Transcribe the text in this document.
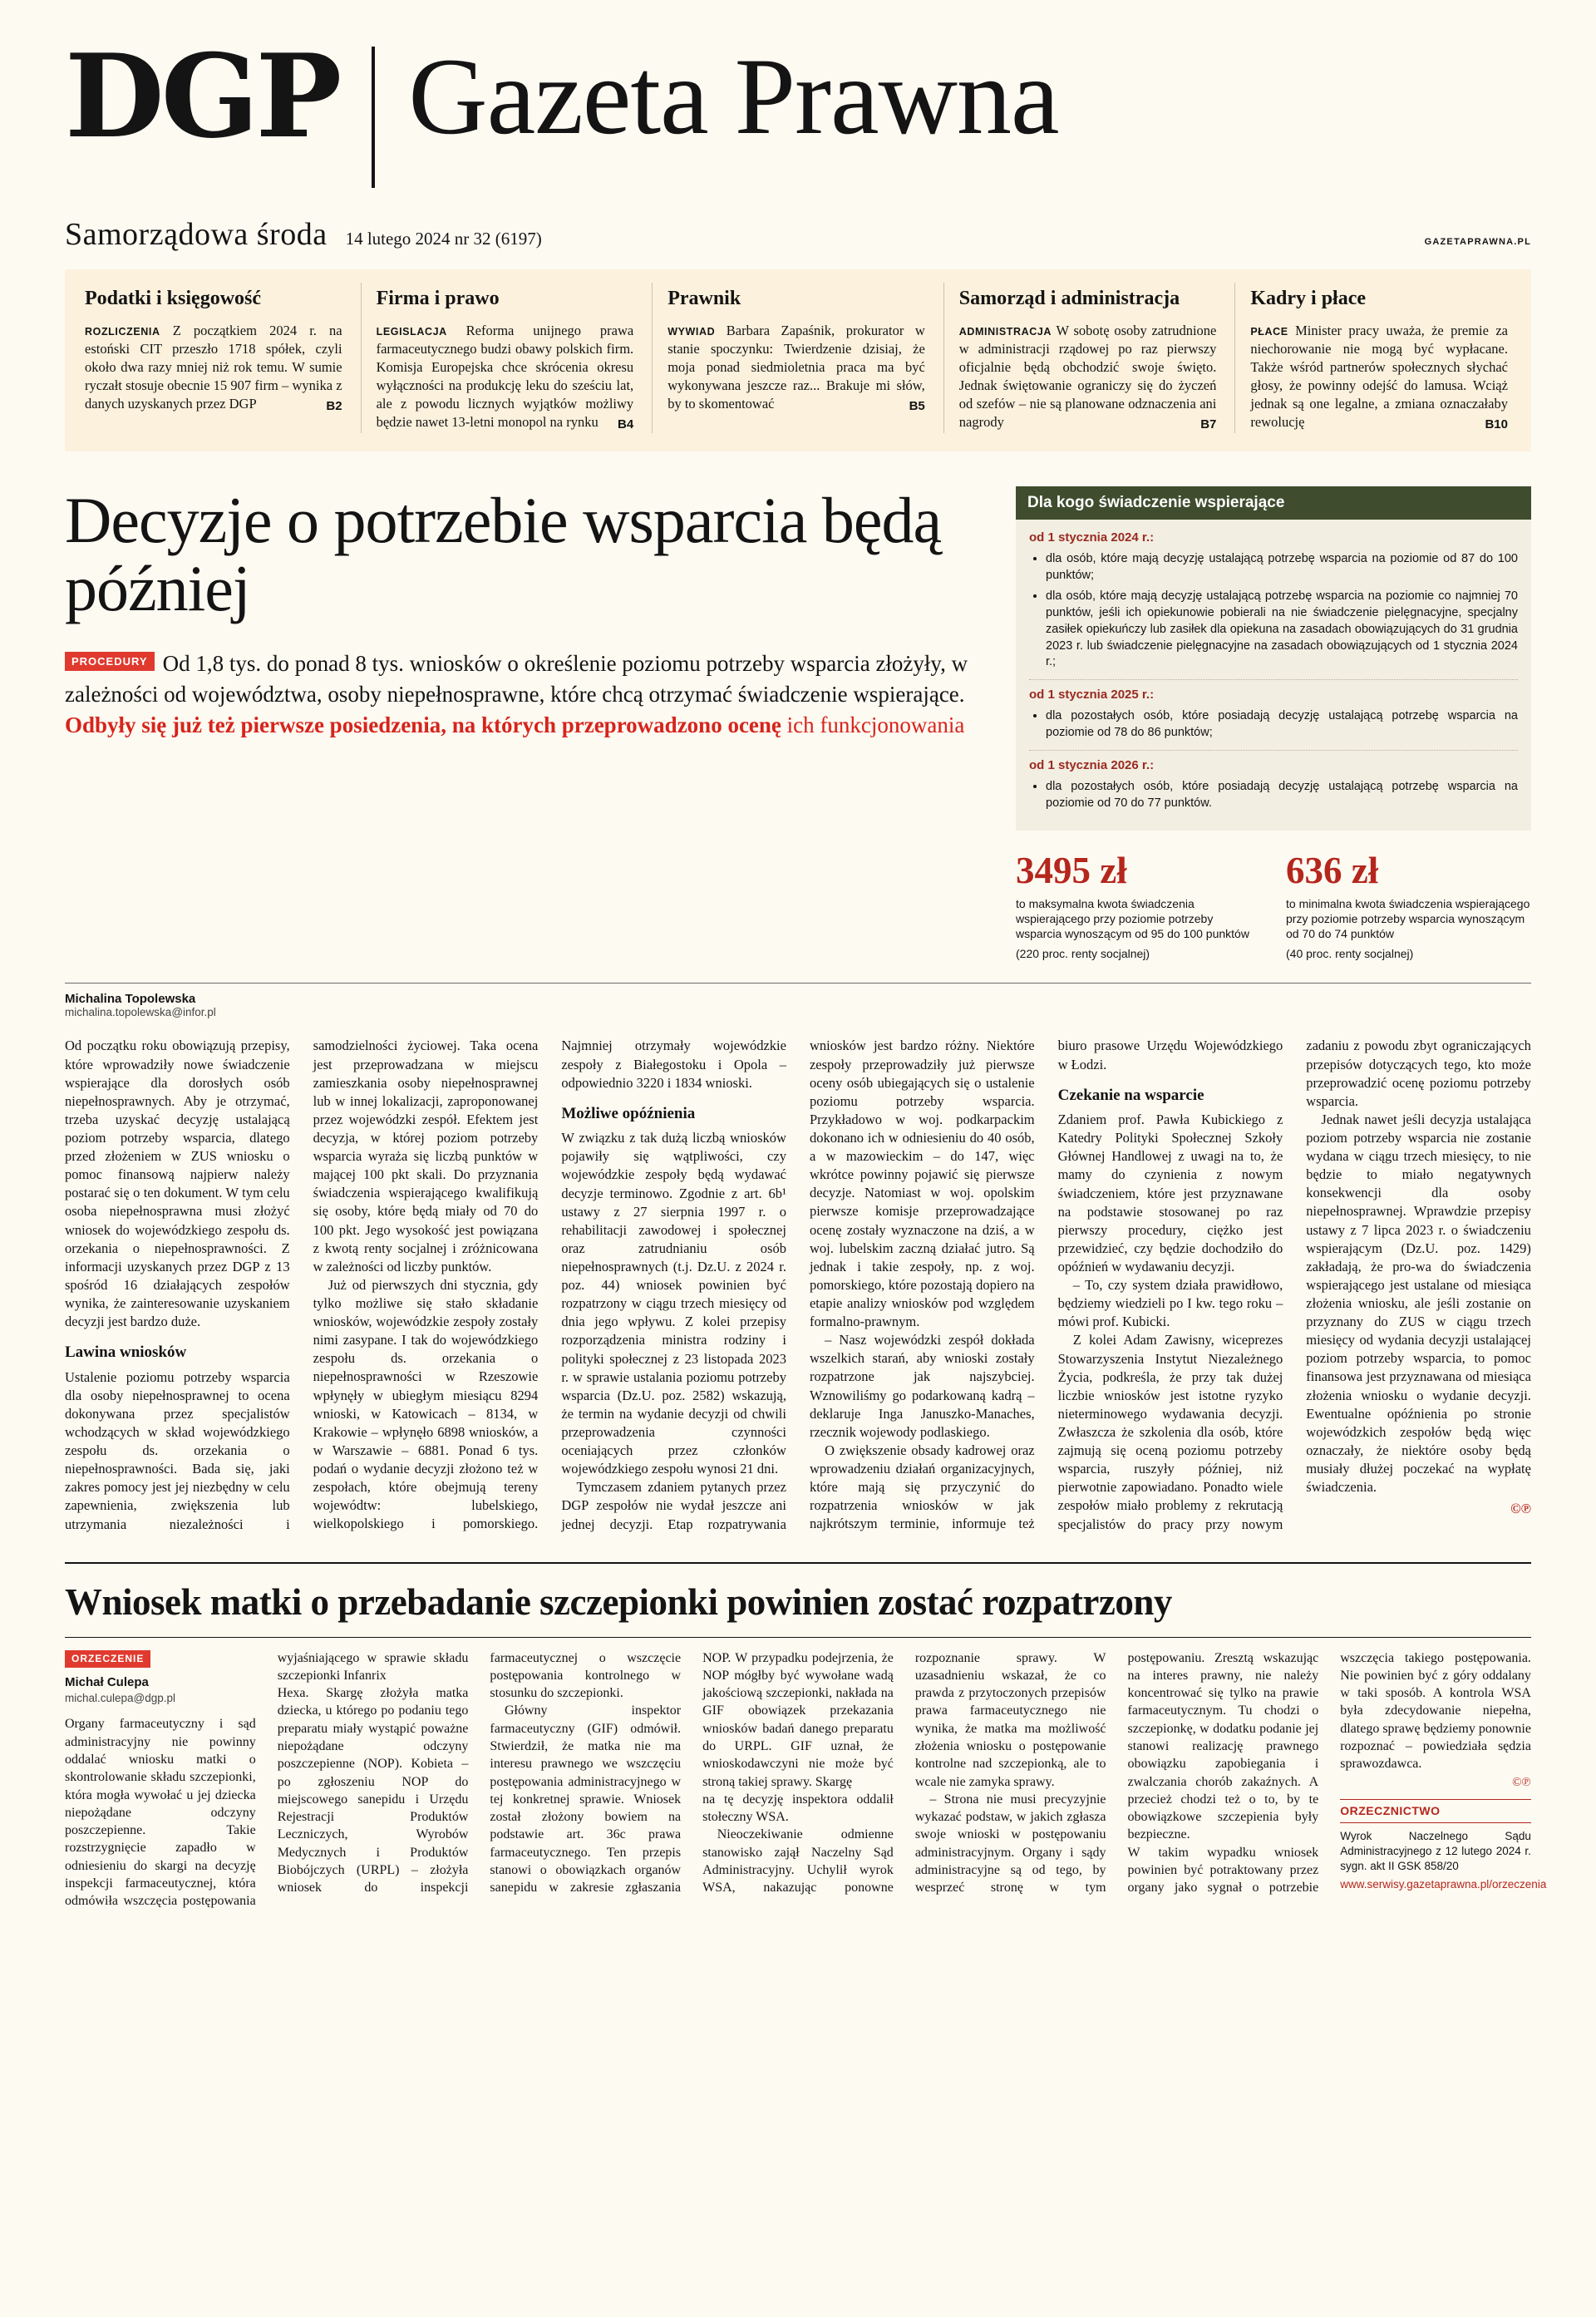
DGP Gazeta Prawna
Samorządowa środa 14 lutego 2024 nr 32 (6197)	GAZETAPRAWNA.PL
Podatki i księgowość

ROZLICZENIA Z początkiem 2024 r. na estoński CIT przeszło 1718 spółek, czyli około dwa razy mniej niż rok temu. W sumie ryczałt stosuje obecnie 15 907 firm – wynika z danych uzyskanych przez DGP	B2

Firma i prawo

LEGISLACJA Reforma unijnego prawa farmaceutycznego budzi obawy polskich firm. Komisja Europejska chce skrócenia okresu wyłączności na produkcję leku do sześciu lat, ale z powodu licznych wyjątków możliwy będzie nawet 13-letni monopol na rynku B4

Prawnik

WYWIAD Barbara Zapaśnik, prokurator w stanie spoczynku: Twierdzenie dzisiaj, że moja ponad siedmioletnia praca ma być wykonywana jeszcze raz... Brakuje mi słów, by to skomentować	B5

Samorząd i administracja

ADMINISTRACJA W sobotę osoby zatrudnione w administracji rządowej po raz pierwszy oficjalnie będą obchodzić swoje święto. Jednak świętowanie ograniczy się do życzeń od szefów – nie są planowane odznaczenia ani nagrody	B7

Kadry i płace

PŁACE Minister pracy uważa, że premie za niechorowanie nie mogą być wypłacane. Także wśród partnerów społecznych słychać głosy, że powinny odejść do lamusa. Wciąż jednak są one legalne, a zmiana oznaczałaby rewolucję	B10

Decyzje o potrzebie wsparcia będą później
PROCEDURY Od 1,8 tys. do ponad 8 tys. wniosków o określenie poziomu potrzeby wsparcia złożyły, w zależności od województwa, osoby niepełnosprawne, które chcą otrzymać świadczenie wspierające. Odbyły się już też pierwsze posiedzenia, na których przeprowadzono ocenę ich funkcjonowania
Dla kogo świadczenie wspierające
od 1 stycznia 2024 r.:
• dla osób, które mają decyzję ustalającą potrzebę wsparcia na poziomie od 87 do 100 punktów;
• dla osób, które mają decyzję ustalającą potrzebę wsparcia na poziomie co najmniej 70 punktów, jeśli ich opiekunowie pobierali na nie świadczenie pielęgnacyjne, specjalny zasiłek opiekuńczy lub zasiłek dla opiekuna na zasadach obowiązujących do 31 grudnia 2023 r. lub świadczenie pielęgnacyjne na zasadach obowiązujących od 1 stycznia 2024 r.;
od 1 stycznia 2025 r.:
• dla pozostałych osób, które posiadają decyzję ustalającą potrzebę wsparcia na poziomie od 78 do 86 punktów;
od 1 stycznia 2026 r.:
• dla pozostałych osób, które posiadają decyzję ustalającą potrzebę wsparcia na poziomie od 70 do 77 punktów.
3495 zł
to maksymalna kwota świadczenia wspierającego przy poziomie potrzeby wsparcia wynoszącym od 95 do 100 punktów
(220 proc. renty socjalnej)
636 zł
to minimalna kwota świadczenia wspierającego przy poziomie potrzeby wsparcia wynoszącym od 70 do 74 punktów
(40 proc. renty socjalnej)
Michalina Topolewska
michalina.topolewska@infor.pl

Od początku roku obowiązują przepisy, które wprowadziły nowe świadczenie wspierające dla dorosłych osób niepełnosprawnych. Aby je otrzymać, trzeba uzyskać decyzję ustalającą poziom potrzeby wsparcia, dlatego przed złożeniem w ZUS wniosku o pomoc finansową najpierw należy postarać się o ten dokument. W tym celu osoba niepełnosprawna musi złożyć wniosek do wojewódzkiego zespołu ds. orzekania o niepełnosprawności. Z informacji uzyskanych przez DGP z 13 spośród 16 działających zespołów wynika, że zainteresowanie uzyskaniem decyzji jest bardzo duże.

Lawina wniosków

Ustalenie poziomu potrzeby wsparcia dla osoby niepełnosprawnej to ocena dokonywana przez specjalistów wchodzących w skład wojewódzkiego zespołu ds. orzekania o niepełnosprawności. Bada się, jaki zakres pomocy jest jej niezbędny w celu zapewnienia, zwiększenia lub utrzymania niezależności i samodzielności życiowej. Taka ocena jest przeprowadzana w miejscu zamieszkania osoby niepełnosprawnej lub w innej lokalizacji, zaproponowanej przez wojewódzki zespół. Efektem jest decyzja, w której poziom potrzeby wsparcia wyraża się liczbą punktów w mającej 100 pkt skali. Do przyznania świadczenia wspierającego kwalifikują się osoby, które będą miały od 70 do 100 pkt. Jego wysokość jest powiązana z kwotą renty socjalnej i zróżnicowana w zależności od liczby punktów.

Już od pierwszych dni stycznia, gdy tylko możliwe się stało składanie wniosków, wojewódzkie zespoły zostały nimi zasypane. I tak do wojewódzkiego zespołu ds. orzekania o niepełnosprawności w Rzeszowie wpłynęły w ubiegłym miesiącu 8294 wnioski, w Katowicach – 8134, w Krakowie – wpłynęło 6898 wniosków, a w Warszawie – 6881. Ponad 6 tys. podań o wydanie decyzji złożono też w zespołach, które obejmują tereny wojewódtw: lubelskiego, wielkopolskiego i pomorskiego. Najmniej otrzymały wojewódzkie zespoły z Białegostoku i Opola – odpowiednio 3220 i 1834 wnioski.

Możliwe opóźnienia

W związku z tak dużą liczbą wniosków pojawiły się wątpliwości, czy wojewódzkie zespoły będą wydawać decyzje terminowo. Zgodnie z art. 6b¹ ustawy z 27 sierpnia 1997 r. o rehabilitacji zawodowej i społecznej oraz zatrudnianiu osób niepełnosprawnych (t.j. Dz.U. z 2024 r. poz. 44) wniosek powinien być rozpatrzony w ciągu trzech miesięcy od dnia jego wpływu. Z kolei przepisy rozporządzenia ministra rodziny i polityki społecznej z 23 listopada 2023 r. w sprawie ustalania poziomu potrzeby wsparcia (Dz.U. poz. 2582) wskazują, że termin na wydanie decyzji od chwili przeprowadzenia czynności oceniających przez członków wojewódzkiego zespołu wynosi 21 dni.

Tymczasem zdaniem pytanych przez DGP zespołów nie wydał jeszcze ani jednej decyzji. Etap rozpatrywania wniosków jest bardzo różny. Niektóre zespoły przeprowadziły już pierwsze oceny osób ubiegających się o ustalenie poziomu potrzeby wsparcia. Przykładowo w woj. podkarpackim dokonano ich w odniesieniu do 40 osób, a w mazowieckim – do 147, więc wkrótce powinny pojawić się pierwsze decyzje. Natomiast w woj. opolskim pierwsze komisje przeprowadzające ocenę zostały wyznaczone na dziś, a w woj. lubelskim zaczną działać jutro. Są jednak i takie zespoły, np. z woj. pomorskiego, które pozostają dopiero na etapie analizy wniosków pod względem formalno-prawnym.

– Nasz wojewódzki zespół dokłada wszelkich starań, aby wnioski zostały rozpatrzone jak najszybciej. Wznowiliśmy go podarkowaną kadrą – deklaruje Inga Januszko-Manaches, rzecznik wojewody podlaskiego.

O zwiększenie obsady kadrowej oraz wprowadzeniu działań organizacyjnych, które mają się przyczynić do rozpatrzenia wniosków w jak najkrótszym terminie, informuje też biuro prasowe Urzędu Wojewódzkiego w Łodzi.

Czekanie na wsparcie

Zdaniem prof. Pawła Kubickiego z Katedry Polityki Społecznej Szkoły Głównej Handlowej z uwagi na to, że mamy do czynienia z nowym świadczeniem, które jest przyznawane na podstawie stosowanej po raz pierwszy procedury, ciężko jest przewidzieć, czy będzie dochodziło do opóźnień w wydawaniu decyzji.

– To, czy system działa prawidłowo, będziemy wiedzieli po I kw. tego roku – mówi prof. Kubicki.

Z kolei Adam Zawisny, wiceprezes Stowarzyszenia Instytut Niezależnego Życia, podkreśla, że przy tak dużej liczbie wniosków jest istotne ryzyko nieterminowego wydawania decyzji. Zwłaszcza że szkolenia dla osób, które zajmują się oceną poziomu potrzeby wsparcia, ruszyły później, niż pierwotnie zapowiadano. Ponadto wiele zespołów miało problemy z rekrutacją specjalistów do pracy przy nowym zadaniu z powodu zbyt ograniczających przepisów dotyczących tego, kto może przeprowadzić ocenę poziomu potrzeby wsparcia.

Jednak nawet jeśli decyzja ustalająca poziom potrzeby wsparcia nie zostanie wydana w ciągu trzech miesięcy, to nie będzie to miało negatywnych konsekwencji dla osoby niepełnosprawnej. Wprawdzie przepisy ustawy z 7 lipca 2023 r. o świadczeniu wspierającym (Dz.U. poz. 1429) zakładają, że pro-wa do świadczenia wspierającego jest ustalane od miesiąca złożenia wniosku, ale jeśli zostanie on przyznany do ZUS w ciągu trzech miesięcy od wydania decyzji ustalającej poziom potrzeby wsparcia, to pomoc finansowa jest przyznawana od miesiąca złożenia wniosku o wydanie decyzji. Ewentualne opóźnienia po stronie wojewódzkich zespołów będą więc oznaczały, że niektóre osoby będą musiały dłużej poczekać na wypłatę świadczenia.

©℗

Wniosek matki o przebadanie szczepionki powinien zostać rozpatrzony
ORZECZENIE
Michał Culepa
michal.culepa@dgp.pl

Organy farmaceutyczny i sąd administracyjny nie powinny oddalać wniosku matki o skontrolowanie składu szczepionki, która mogła wywołać u jej dziecka niepożądane odczyny poszczepienne. Takie rozstrzygnięcie zapadło w odniesieniu do skargi na decyzję inspekcji farmaceutycznej, która odmówiła wszczęcia postępowania wyjaśniającego w sprawie składu szczepionki Infanrix

Hexa. Skargę złożyła matka dziecka, u którego po podaniu tego preparatu miały wystąpić poważne niepożądane odczyny poszczepienne (NOP). Kobieta – po zgłoszeniu NOP do miejscowego sanepidu i Urzędu Rejestracji Produktów Leczniczych, Wyrobów Medycznych i Produktów Biobójczych (URPL) – złożyła wniosek do inspekcji farmaceutycznej o wszczęcie postępowania kontrolnego w stosunku do szczepionki.

Główny inspektor farmaceutyczny (GIF) odmówił. Stwierdził, że matka nie ma interesu prawnego we wszczęciu postępowania administracyjnego w tej konkretnej sprawie. Wniosek został złożony bowiem na podstawie art. 36c prawa farmaceutycznego. Ten przepis stanowi o obowiązkach organów sanepidu w zakresie zgłaszania NOP. W przypadku podejrzenia, że NOP mógłby być wywołane wadą jakościową szczepionki, nakłada na GIF obowiązek przekazania wniosków badań danego preparatu do URPL. GIF uznał, że wnioskodawczyni nie może być stroną takiej sprawy. Skargę

na tę decyzję inspektora oddalił stołeczny WSA.

Nieoczekiwanie odmienne stanowisko zajął Naczelny Sąd Administracyjny. Uchylił wyrok WSA, nakazując ponowne rozpoznanie sprawy. W uzasadnieniu wskazał, że co prawda z przytoczonych przepisów prawa farmaceutycznego nie wynika, że matka ma możliwość złożenia wniosku o postępowanie kontrolne nad szczepionką, ale to wcale nie zamyka sprawy.

– Strona nie musi precyzyjnie wykazać podstaw, w jakich zgłasza swoje wnioski w postępowaniu administracyjnym. Organy i sądy administracyjne są od tego, by wesprzeć stronę w tym postępowaniu. Zresztą wskazując na interes prawny, nie należy koncentrować się tylko na prawie farmaceutycznym. Tu chodzi o szczepionkę, w dodatku podanie jej stanowi realizację prawnego obowiązku zapobiegania i zwalczania chorób zakaźnych. A przecież chodzi też o to, by te obowiązkowe szczepienia były bezpieczne.

W takim wypadku wniosek powinien być potraktowany przez organy jako sygnał o potrzebie wszczęcia takiego postępowania. Nie powinien być z góry oddalany w taki sposób. A kontrola WSA była zdecydowanie niepełna, dlatego sprawę będziemy ponownie rozpoznać – powiedziała sędzia sprawozdawca.

©℗

ORZECZNICTWO

Wyrok Naczelnego Sądu Administracyjnego z 12 lutego 2024 r. sygn. akt II GSK 858/20

www.serwisy.gazetaprawna.pl/orzeczenia
